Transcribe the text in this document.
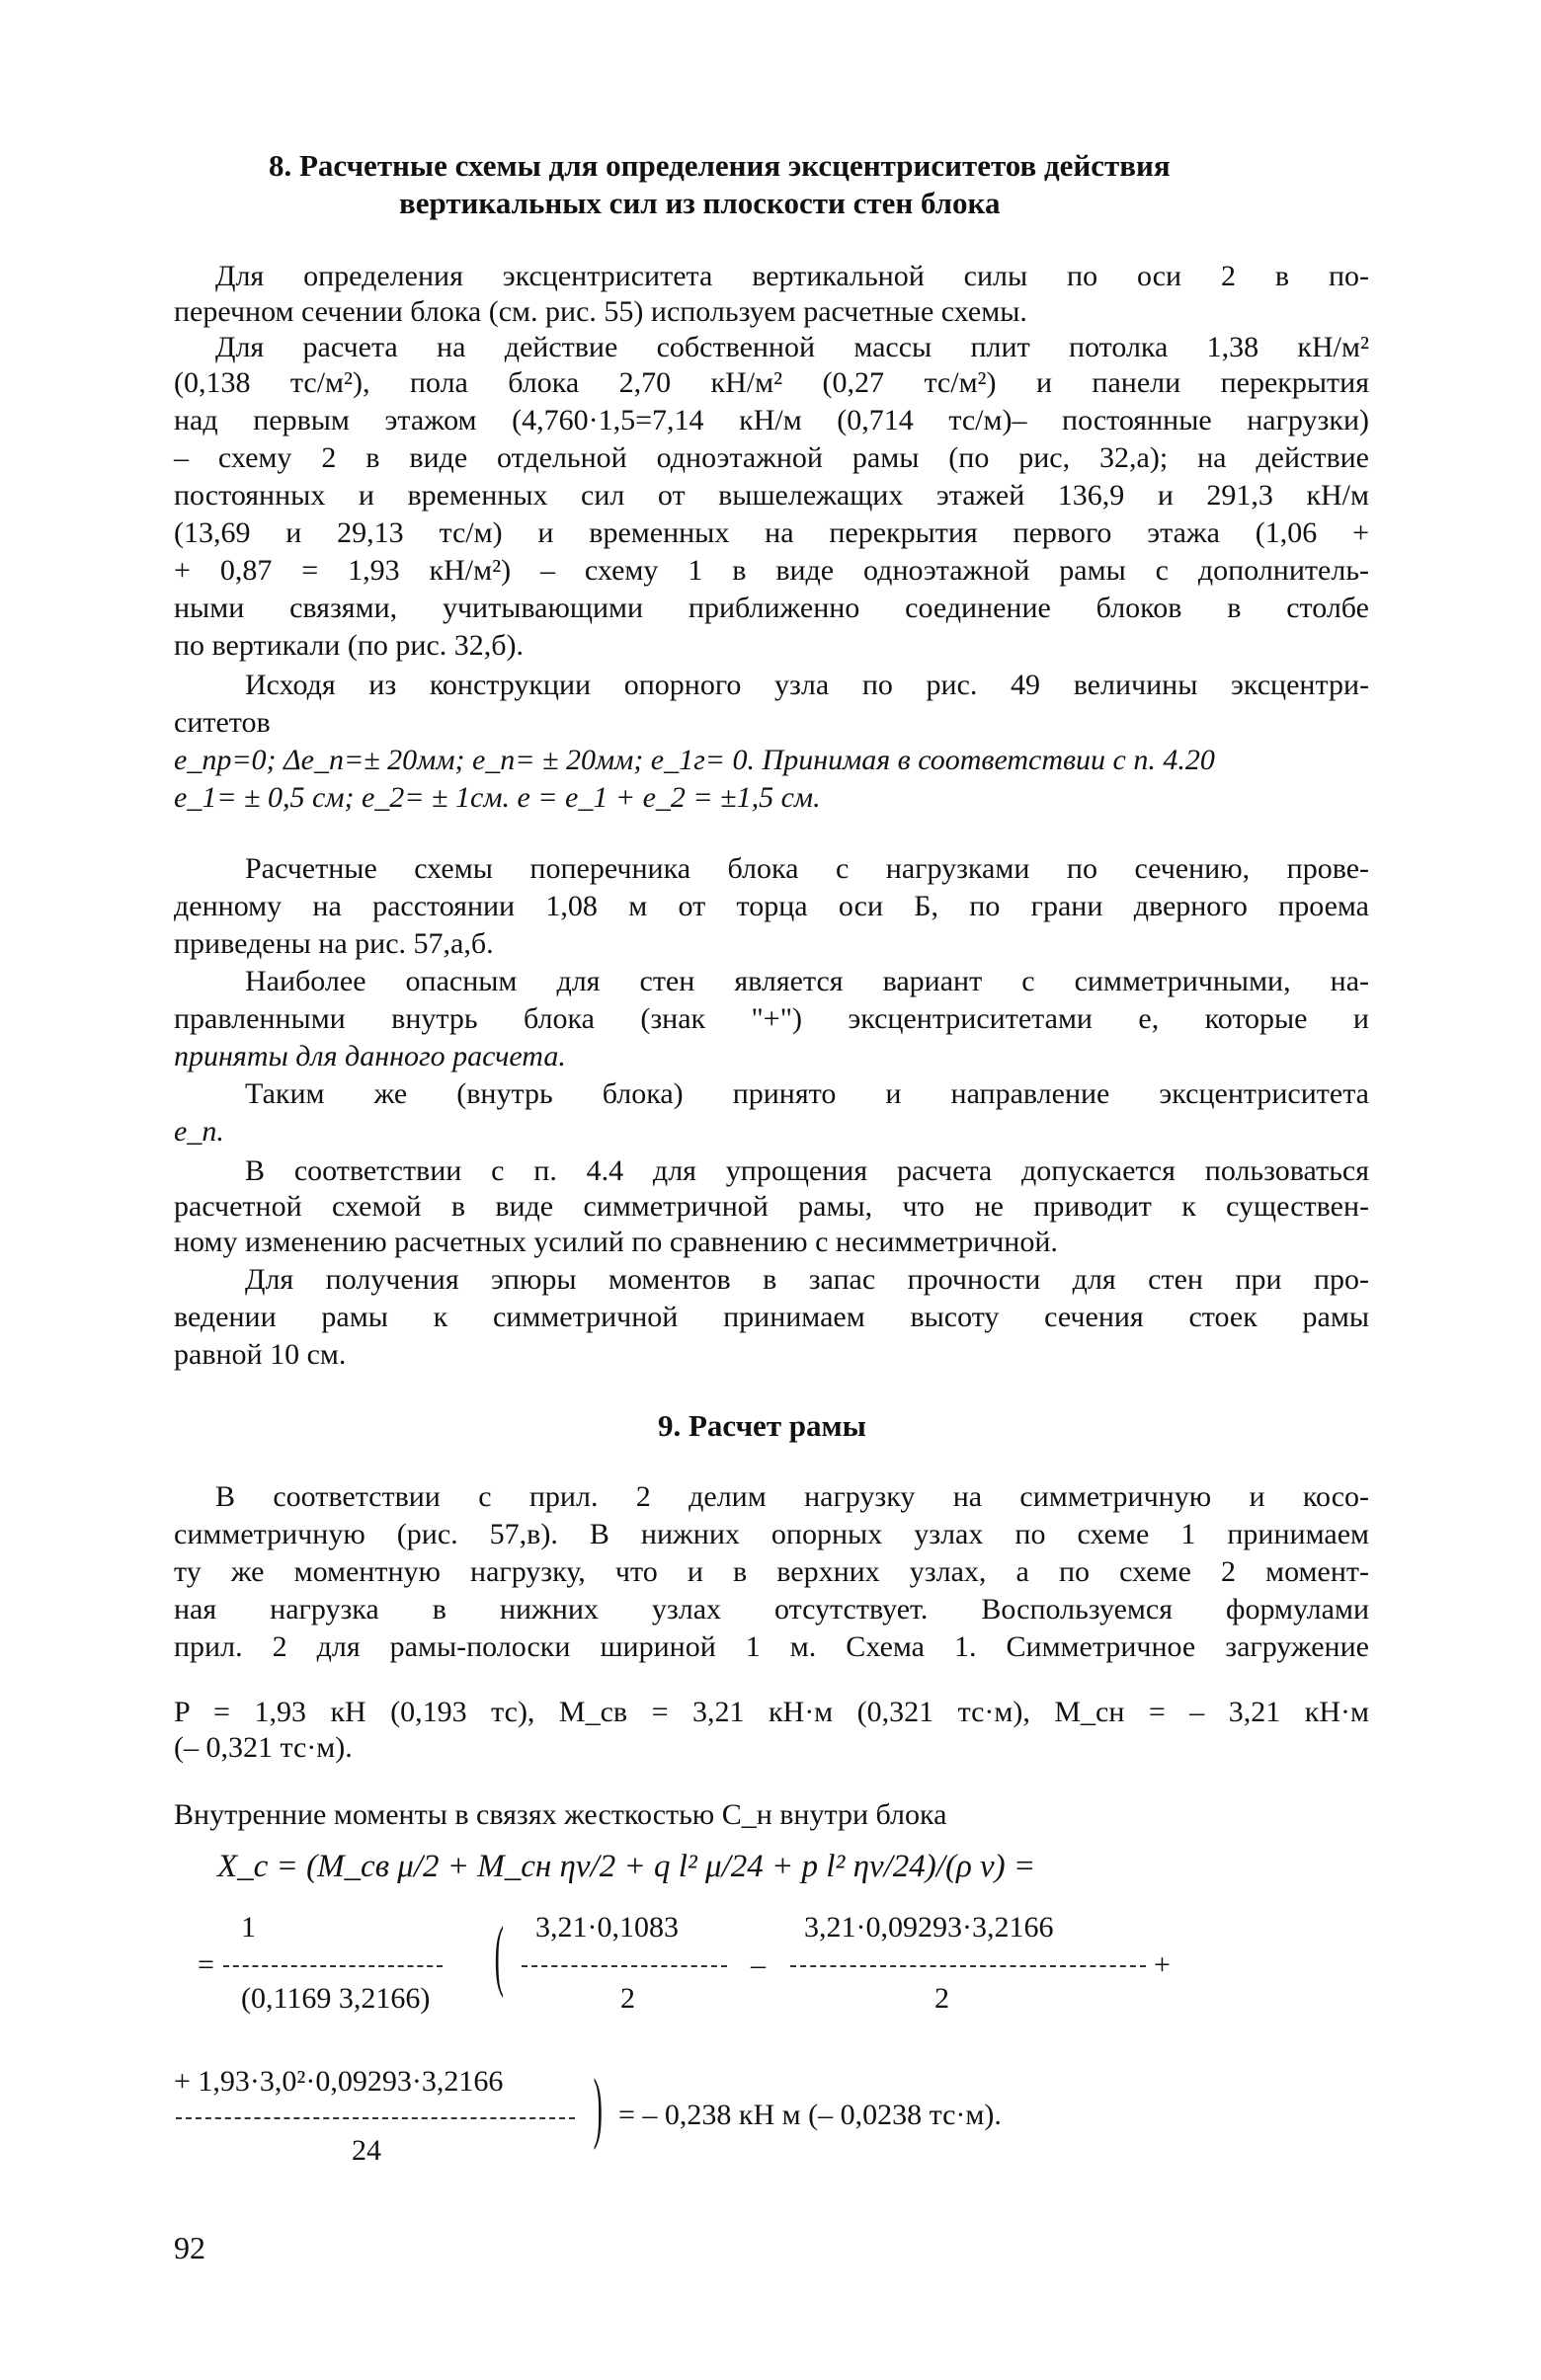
8. Расчетные схемы для определения эксцентриситетов действия
вертикальных сил из плоскости стен блока
Для определения эксцентриситета вертикальной силы по оси 2 в по-
перечном сечении блока (см. рис. 55) используем расчетные схемы.
Для расчета на действие собственной массы плит потолка 1,38 кН/м²
(0,138 тс/м²), пола блока 2,70 кН/м² (0,27 тс/м²) и панели перекрытия
над первым этажом (4,760·1,5=7,14 кН/м (0,714 тс/м)– постоянные нагрузки)
– схему 2 в виде отдельной одноэтажной рамы (по рис, 32,а); на действие
постоянных и временных сил от вышележащих этажей 136,9 и 291,3 кН/м
(13,69 и 29,13 тс/м) и временных на перекрытия первого этажа (1,06 +
+ 0,87 = 1,93 кН/м²) – схему 1 в виде одноэтажной рамы с дополнитель-
ными связями, учитывающими приближенно соединение блоков в столбе
по вертикали (по рис. 32,б).
Исходя из конструкции опорного узла по рис. 49 величины эксцентри-
ситетов
e_пр=0; Δe_п=± 20мм; e_п= ± 20мм; e_1г= 0. Принимая в соответствии с п. 4.20
e_1= ± 0,5 см; e_2= ± 1см. e = e_1 + e_2 = ±1,5 см.
Расчетные схемы поперечника блока с нагрузками по сечению, прове-
денному на расстоянии 1,08 м от торца оси Б, по грани дверного проема
приведены на рис. 57,а,б.
Наиболее опасным для стен является вариант с симметричными, на-
правленными внутрь блока (знак "+") эксцентриситетами e, которые и
приняты для данного расчета.
Таким же (внутрь блока) принято и направление эксцентриситета
e_п.
В соответствии с п. 4.4 для упрощения расчета допускается пользоваться
расчетной схемой в виде симметричной рамы, что не приводит к существен-
ному изменению расчетных усилий по сравнению с несимметричной.
Для получения эпюры моментов в запас прочности для стен при про-
ведении рамы к симметричной принимаем высоту сечения стоек рамы
равной 10 см.
9. Расчет рамы
В соответствии с прил. 2 делим нагрузку на симметричную и косо-
симметричную (рис. 57,в). В нижних опорных узлах по схеме 1 принимаем
ту же моментную нагрузку, что и в верхних узлах, а по схеме 2 момент-
ная нагрузка в нижних узлах отсутствует. Воспользуемся формулами
прил. 2 для рамы-полоски шириной 1 м. Схема 1. Симметричное загружение
P = 1,93 кН (0,193 тс), M_св = 3,21 кН·м (0,321 тс·м), M_сн = – 3,21 кН·м
(– 0,321 тс·м).
Внутренние моменты в связях жесткостью C_н внутри блока
X_c = (M_св μ/2 + M_сн ην/2 + q l² μ/24 + p l² ην/24)/(ρ ν) =
1
=
(0,1169 3,2166) ( 3,21·0,1083
2
–
3,21·0,09293·3,2166
2
+
+ 1,93·3,0²·0,09293·3,2166
24	) = – 0,238 кН м (– 0,0238 тс·м).
92
